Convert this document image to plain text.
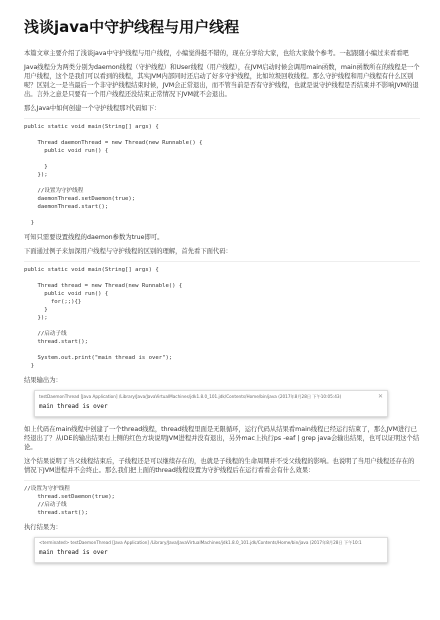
浅谈java中守护线程与用户线程

本篇文章主要介绍了浅谈java中守护线程与用户线程，小编觉得挺不错的，现在分享给大家，也给大家做个参考。一起跟随小编过来看看吧

Java线程分为两类分别为daemon线程（守护线程）和User线程（用户线程），在JVM启动时候会调用main函数，main函数所在的线程是一个用户线程，这个是我们可以看到的线程，其实JVM内部同时还启动了好多守护线程，比如垃圾回收线程。那么守护线程和用户线程有什么区别呢？区别之一是当最后一个非守护线程结束时候，JVM会正常退出，而不管当前是否有守护线程，也就是说守护线程是否结束并不影响JVM的退出。言外之意是只要有一个用户线程还没结束正常情况下JVM就不会退出。

那么Java中如何创建一个守护线程那?代码如下：

public static void main(String[] args) {

Thread daemonThread = new Thread(new Runnable() {
public void run() {

}
});

//设置为守护线程
daemonThread.setDaemon(true);
daemonThread.start();

}

可知只需要设置线程的daemon参数为true即可。

下面通过例子来加深用户线程与守护线程的区别的理解，首先看下面代码：

public static void main(String[] args) {

Thread thread = new Thread(new Runnable() {
public void run() {
for(;;){}
}
});

//启动子线
thread.start();

System.out.print("main thread is over");
}

结果输出为：

testDaemonThread [Java Application] /Library/Java/JavaVirtualMachines/jdk1.8.0_101.jdk/Contents/Home/bin/java (2017年8月28日 下午10:05:43)	✕
main thread is over

如上代码在main线程中创建了一个thread线程，thread线程里面是无限循环，运行代码从结果看main线程已经运行结束了，那么JVM进行已经退出了？从IDE的输出结果右上侧的红色方块说明JVM进程并没有退出，另外mac上执行ps -eaf | grep java会输出结果，也可以证明这个结论。

这个结果说明了当父线程结束后，子线程还是可以继续存在的，也就是子线程的生命周期并不受父线程的影响。也说明了当用户线程还存在的情况下JVM进程并不会终止。那么我们把上面的thread线程设置为守护线程后在运行看看会有什么效果：

//设置为守护线程
thread.setDaemon(true);
//启动子线
thread.start();

执行结果为：

<terminated> testDaemonThread [Java Application] /Library/Java/JavaVirtualMachines/jdk1.8.0_101.jdk/Contents/Home/bin/java (2017年8月28日 下午10:1
main thread is over
